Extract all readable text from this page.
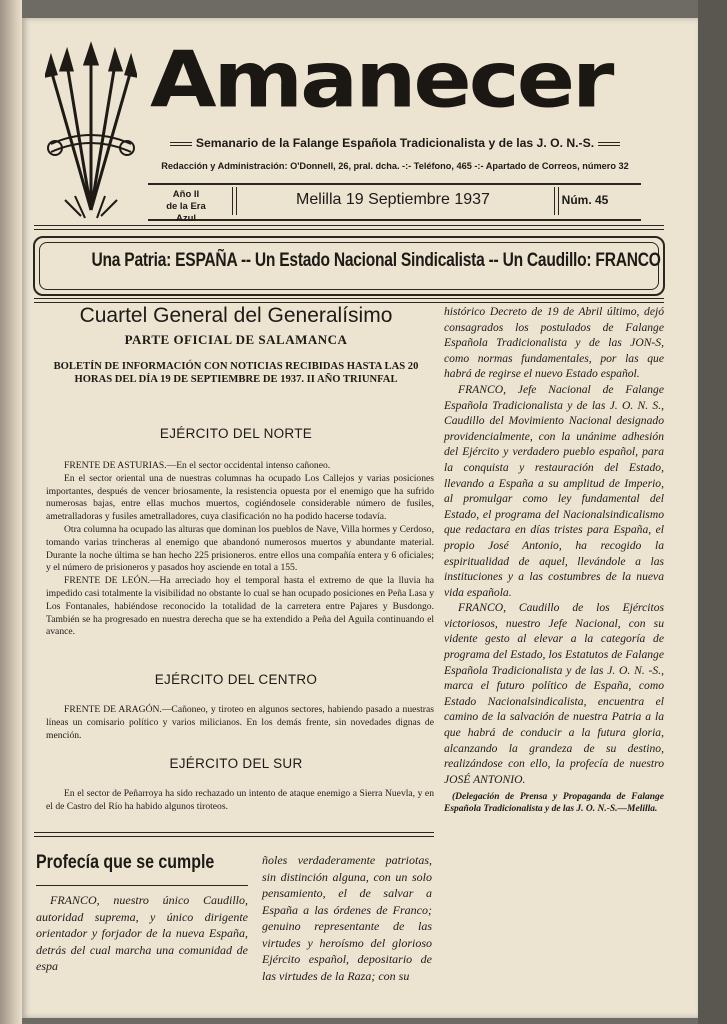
Amanecer
Semanario de la Falange Española Tradicionalista y de las J. O. N.-S.
Redacción y Administración: O'Donnell, 26, pral. dcha. -:- Teléfono, 465 -:- Apartado de Correos, número 32
Año II
de la Era Azul
Melilla 19 Septiembre 1937	Núm. 45
Una Patria: ESPAÑA -- Un Estado Nacional Sindicalista -- Un Caudillo: FRANCO
Cuartel General del Generalísimo
PARTE OFICIAL DE SALAMANCA
BOLETÍN DE INFORMACIÓN CON NOTICIAS RECIBIDAS HASTA LAS 20 HORAS DEL DÍA 19 DE SEPTIEMBRE DE 1937. II AÑO TRIUNFAL
EJÉRCITO DEL NORTE

FRENTE DE ASTURIAS.—En el sector occidental intenso cañoneo.

En el sector oriental una de nuestras columnas ha ocupado Los Callejos y varias posiciones importantes, después de vencer briosamente, la resistencia opuesta por el enemigo que ha sufrido numerosas bajas, entre ellas muchos muertos, cogiéndosele considerable número de fusiles, ametralladoras y fusiles ametralladores, cuya clasificación no ha podido hacerse todavía.

Otra columna ha ocupado las alturas que dominan los pueblos de Nave, Villa hormes y Cerdoso, tomando varias trincheras al enemigo que abandonó numerosos muertos y abundante material. Durante la noche última se han hecho 225 prisioneros. entre ellos una compañía entera y 6 oficiales; y el número de prisioneros y pasados hoy asciende en total a 155.

FRENTE DE LEÓN.—Ha arreciado hoy el temporal hasta el extremo de que la lluvia ha impedido casi totalmente la visibilidad no obstante lo cual se han ocupado posiciones en Peña Lasa y Los Fontanales, habiéndose reconocido la totalidad de la carretera entre Pajares y Busdongo. También se ha progresado en nuestra derecha que se ha extendido a Peña del Aguila continuando el avance.

EJÉRCITO DEL CENTRO

FRENTE DE ARAGÓN.—Cañoneo, y tiroteo en algunos sectores, habiendo pasado a nuestras líneas un comisario político y varios milicianos. En los demás frente, sin novedades dignas de mención.

EJÉRCITO DEL SUR

En el sector de Peñarroya ha sido rechazado un intento de ataque enemigo a Sierra Nuevla, y en el de Castro del Río ha habido algunos tiroteos.

histórico Decreto de 19 de Abril último, dejó consagrados los postulados de Falange Española Tradicionalista y de las JON-S, como normas fundamentales, por las que habrá de regirse el nuevo Estado español.

FRANCO, Jefe Nacional de Falange Española Tradicionalista y de las J. O. N. S., Caudillo del Movimiento Nacional designado providencialmente, con la unánime adhesión del Ejército y verdadero pueblo español, para la conquista y restauración del Estado, llevando a España a su amplitud de Imperio, al promulgar como ley fundamental del Estado, el programa del Nacionalsindicalismo que redactara en días tristes para España, el propio José Antonio, ha recogido la espiritualidad de aquel, llevándole a las instituciones y a las costumbres de la nueva vida española.

FRANCO, Caudillo de los Ejércitos victoriosos, nuestro Jefe Nacional, con su vidente gesto al elevar a la categoría de programa del Estado, los Estatutos de Falange Española Tradicionalista y de las J. O. N. -S., marca el futuro político de España, como Estado Nacionalsindicalista, encuentra el camino de la salvación de nuestra Patria a la que habrá de conducir a la futura gloria, alcanzando la grandeza de su destino, realizándose con ello, la profecía de nuestro JOSÉ ANTONIO.

(Delegación de Prensa y Propaganda de Falange Española Tradicionalista y de las J. O. N.-S.—Melilla.

Profecía que se cumple

FRANCO, nuestro único Caudillo, autoridad suprema, y único dirigente orientador y forjador de la nueva España, detrás del cual marcha una comunidad de espa

ñoles verdaderamente patriotas, sin distinción alguna, con un solo pensamiento, el de salvar a España a las órdenes de Franco; genuino representante de las virtudes y heroísmo del glorioso Ejército español, depositario de las virtudes de la Raza; con su
